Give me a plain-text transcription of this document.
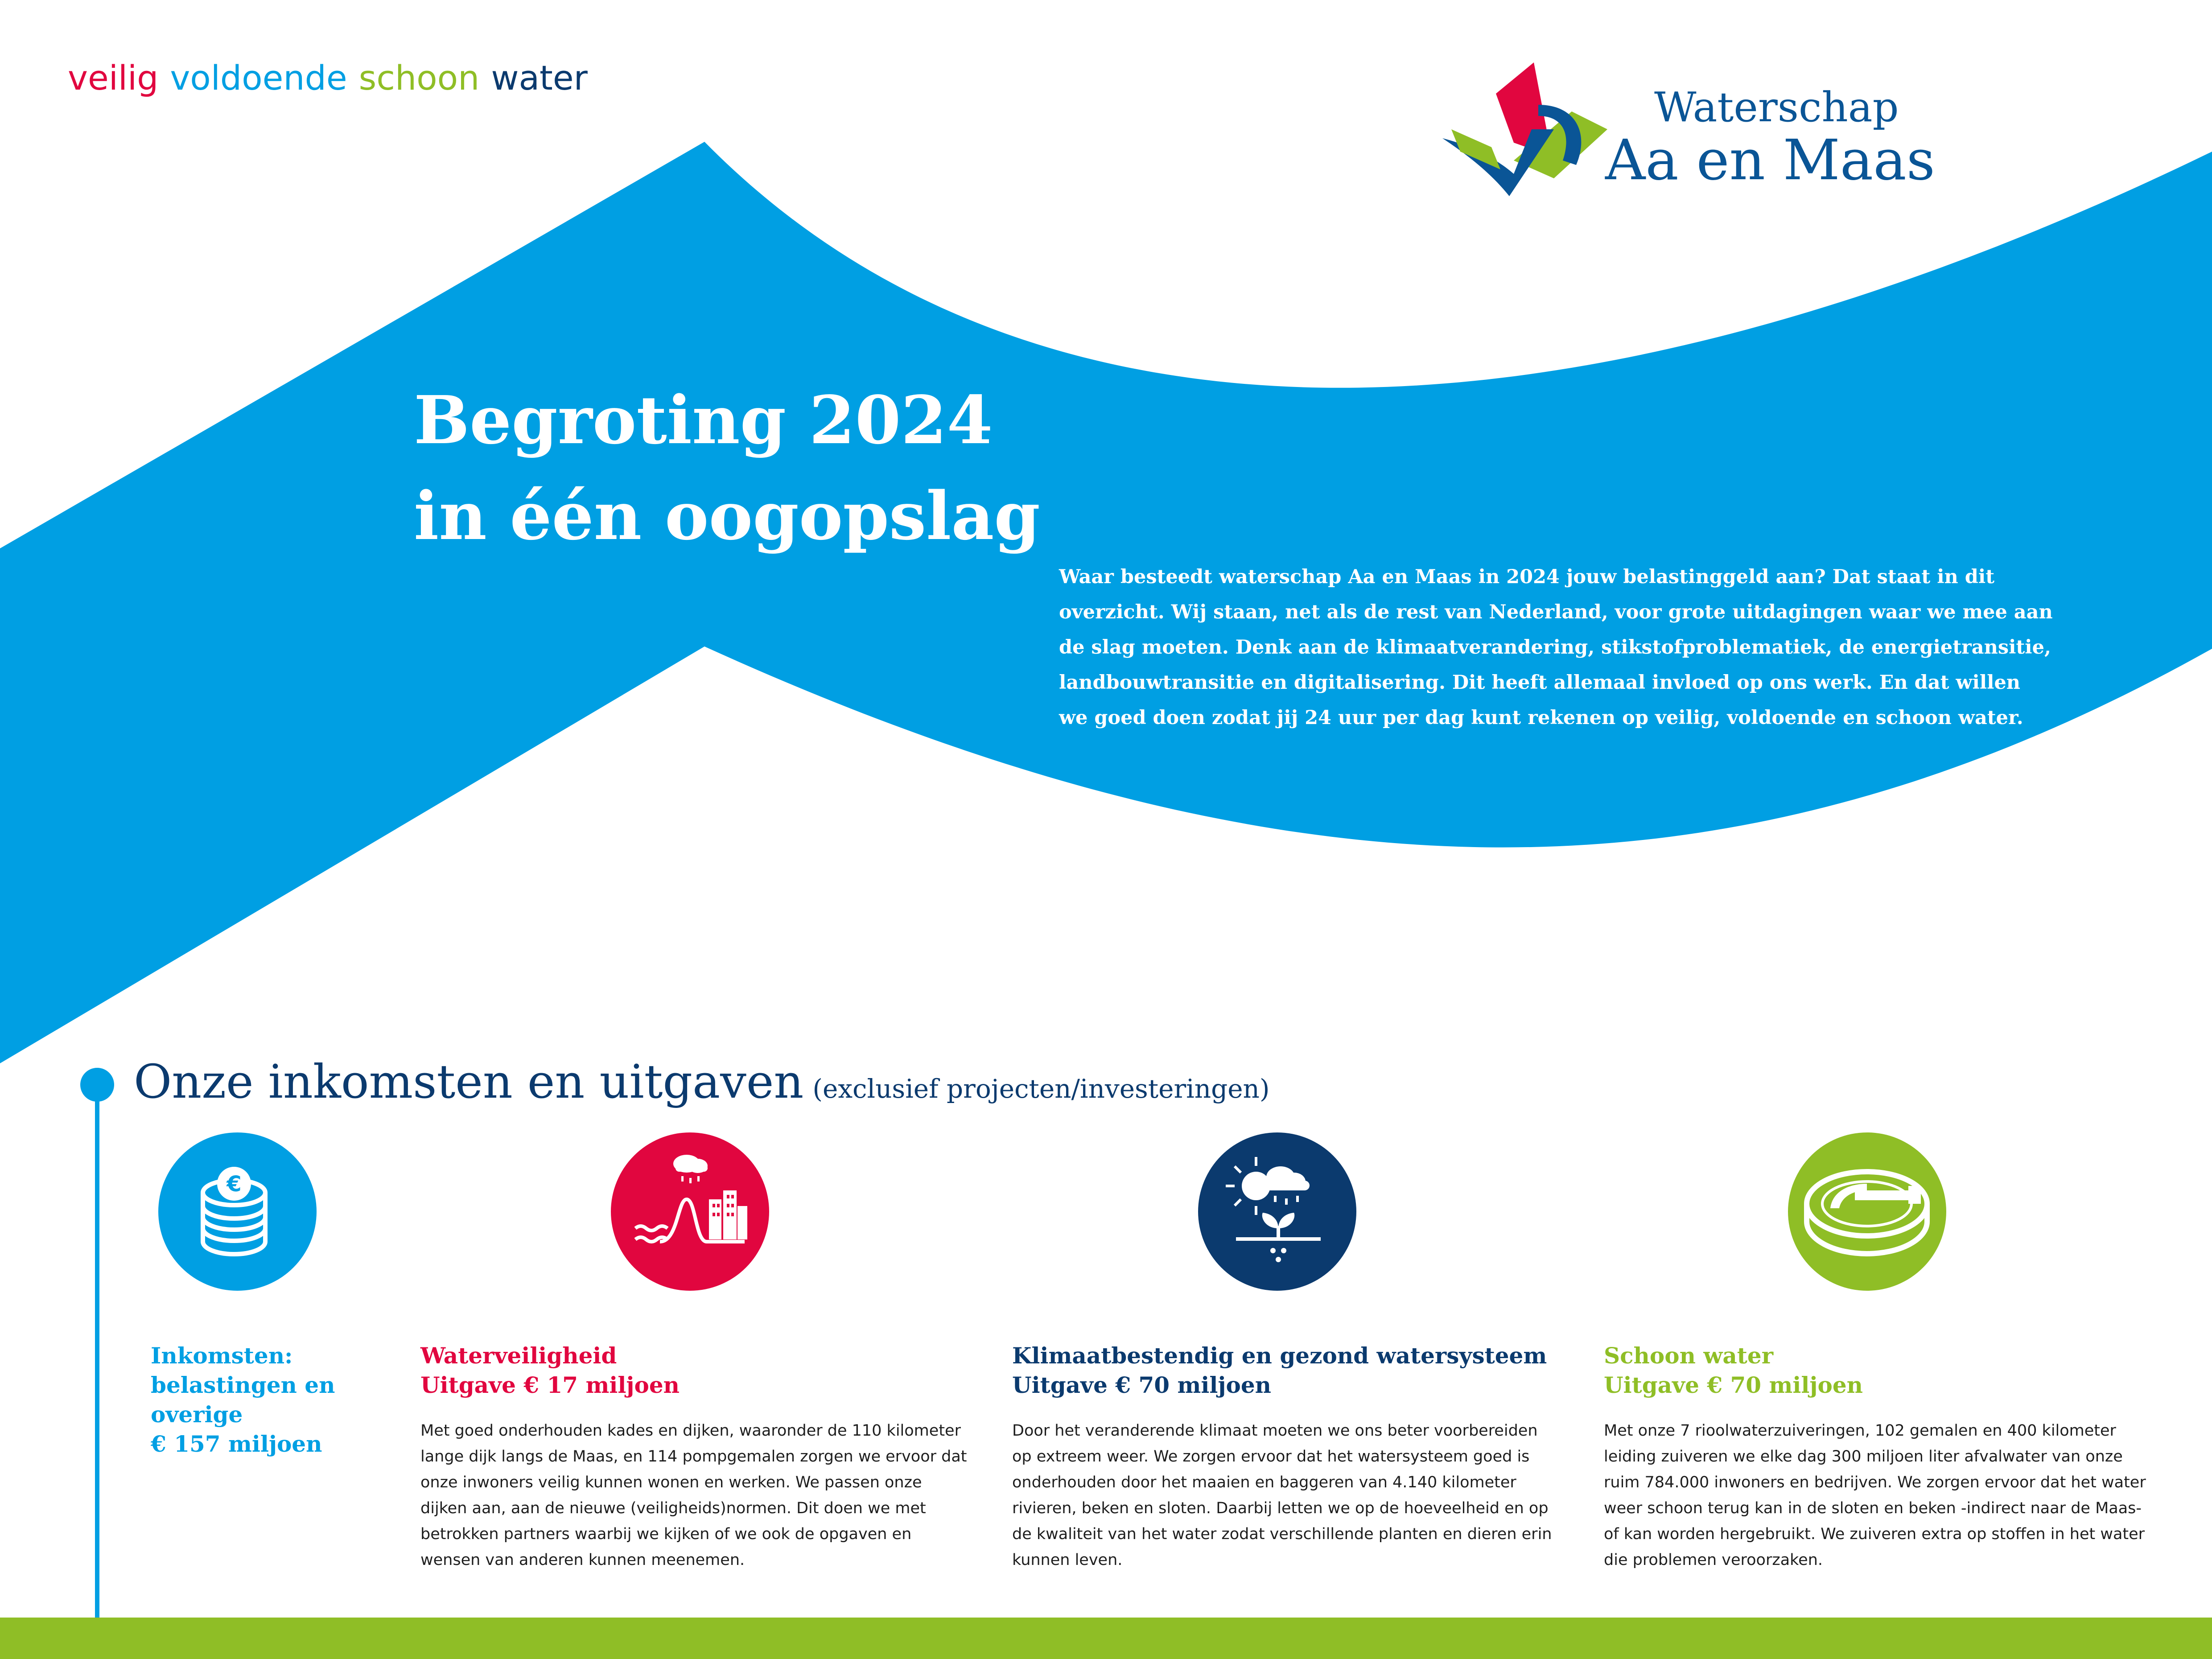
veilig voldoende schoon water
Waterschap
Aa en Maas
Begroting 2024
in één oogopslag
Waar besteedt waterschap Aa en Maas in 2024 jouw belastinggeld aan? Dat staat in dit overzicht. Wij staan, net als de rest van Nederland, voor grote uitdagingen waar we mee aan de slag moeten. Denk aan de klimaatverandering, stikstofproblematiek, de energietransitie, landbouwtransitie en digitalisering. Dit heeft allemaal invloed op ons werk. En dat willen we goed doen zodat jij 24 uur per dag kunt rekenen op veilig, voldoende en schoon water.
Onze inkomsten en uitgaven (exclusief projecten/investeringen)
€
Inkomsten:
belastingen en
overige
€ 157 miljoen
Waterveiligheid
Uitgave € 17 miljoen
Met goed onderhouden kades en dijken, waaronder de 110 kilometer lange dijk langs de Maas, en 114 pompgemalen zorgen we ervoor dat onze inwoners veilig kunnen wonen en werken. We passen onze dijken aan, aan de nieuwe (veiligheids)normen. Dit doen we met betrokken partners waarbij we kijken of we ook de opgaven en wensen van anderen kunnen meenemen.
Klimaatbestendig en gezond watersysteem
Uitgave € 70 miljoen
Door het veranderende klimaat moeten we ons beter voorbereiden op extreem weer. We zorgen ervoor dat het watersysteem goed is onderhouden door het maaien en baggeren van 4.140 kilometer rivieren, beken en sloten. Daarbij letten we op de hoeveelheid en op de kwaliteit van het water zodat verschillende planten en dieren erin kunnen leven.
Schoon water
Uitgave € 70 miljoen
Met onze 7 rioolwaterzuiveringen, 102 gemalen en 400 kilometer leiding zuiveren we elke dag 300 miljoen liter afvalwater van onze ruim 784.000 inwoners en bedrijven. We zorgen ervoor dat het water weer schoon terug kan in de sloten en beken -indirect naar de Maas- of kan worden hergebruikt. We zuiveren extra op stoffen in het water die problemen veroorzaken.
